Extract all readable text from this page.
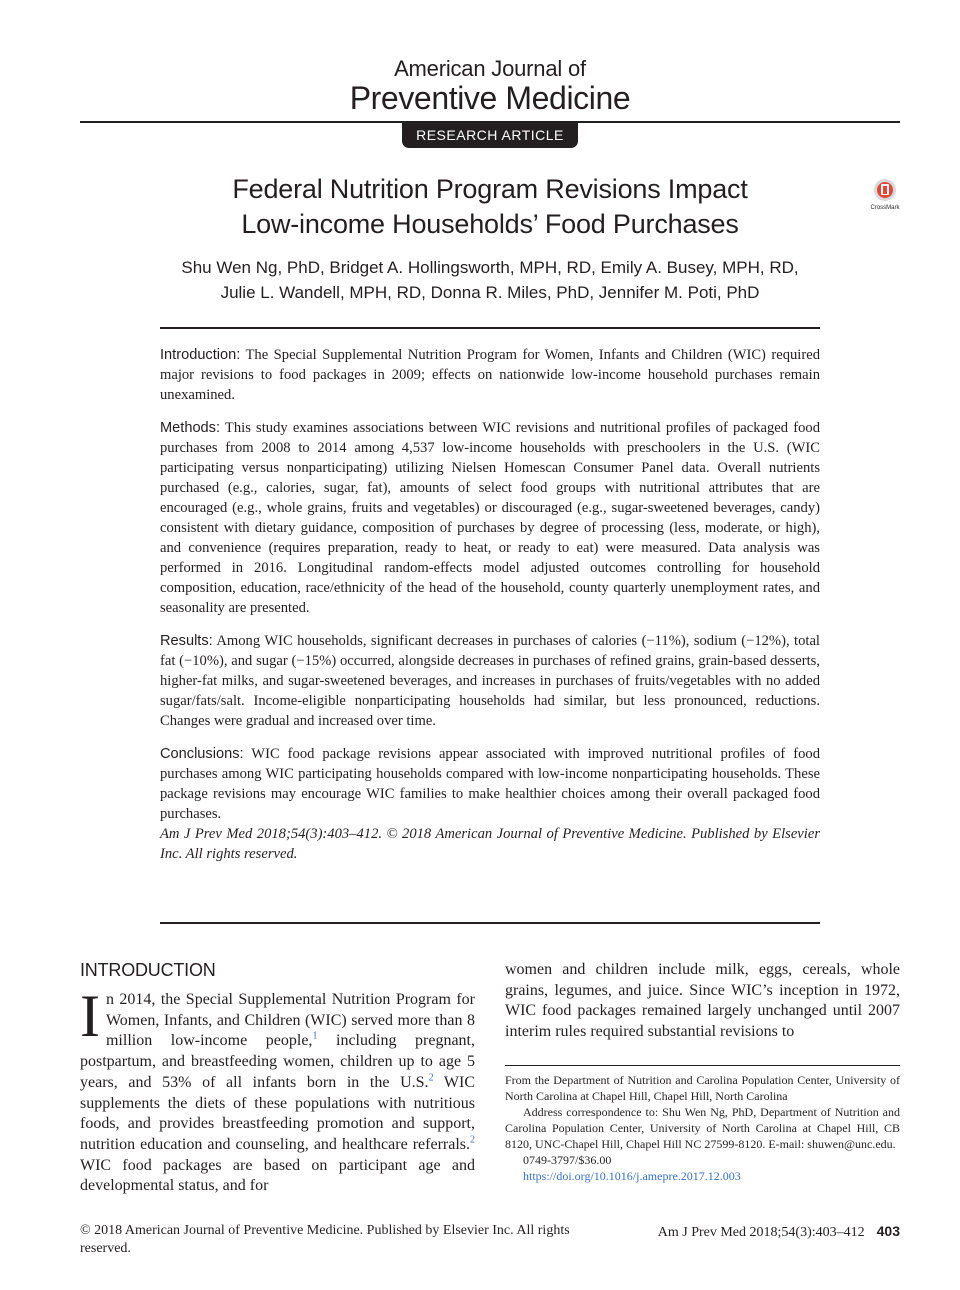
American Journal of
Preventive Medicine
RESEARCH ARTICLE
Federal Nutrition Program Revisions Impact
Low-income Households’ Food Purchases
CrossMark
Shu Wen Ng, PhD, Bridget A. Hollingsworth, MPH, RD, Emily A. Busey, MPH, RD,
Julie L. Wandell, MPH, RD, Donna R. Miles, PhD, Jennifer M. Poti, PhD

Introduction: The Special Supplemental Nutrition Program for Women, Infants and Children (WIC) required major revisions to food packages in 2009; effects on nationwide low-income household purchases remain unexamined.

Methods: This study examines associations between WIC revisions and nutritional profiles of packaged food purchases from 2008 to 2014 among 4,537 low-income households with preschoolers in the U.S. (WIC participating versus nonparticipating) utilizing Nielsen Homescan Consumer Panel data. Overall nutrients purchased (e.g., calories, sugar, fat), amounts of select food groups with nutritional attributes that are encouraged (e.g., whole grains, fruits and vegetables) or discouraged (e.g., sugar-sweetened beverages, candy) consistent with dietary guidance, composition of purchases by degree of processing (less, moderate, or high), and convenience (requires preparation, ready to heat, or ready to eat) were measured. Data analysis was performed in 2016. Longitudinal random-effects model adjusted outcomes controlling for household composition, education, race/ethnicity of the head of the household, county quarterly unemployment rates, and seasonality are presented.

Results: Among WIC households, significant decreases in purchases of calories (−11%), sodium (−12%), total fat (−10%), and sugar (−15%) occurred, alongside decreases in purchases of refined grains, grain-based desserts, higher-fat milks, and sugar-sweetened beverages, and increases in purchases of fruits/vegetables with no added sugar/fats/salt. Income-eligible nonparticipating households had similar, but less pronounced, reductions. Changes were gradual and increased over time.

Conclusions: WIC food package revisions appear associated with improved nutritional profiles of food purchases among WIC participating households compared with low-income nonparticipating households. These package revisions may encourage WIC families to make healthier choices among their overall packaged food purchases.

Am J Prev Med 2018;54(3):403–412. © 2018 American Journal of Preventive Medicine. Published by Elsevier Inc. All rights reserved.

INTRODUCTION

In 2014, the Special Supplemental Nutrition Program for Women, Infants, and Children (WIC) served more than 8 million low-income people,$^1$ including pregnant, postpartum, and breastfeeding women, children up to age 5 years, and 53% of all infants born in the U.S.$^2$ WIC supplements the diets of these populations with nutritious foods, and provides breastfeeding promotion and support, nutrition education and counseling, and healthcare referrals.$^2$ WIC food packages are based on participant age and developmental status, and for

women and children include milk, eggs, cereals, whole grains, legumes, and juice. Since WIC’s inception in 1972, WIC food packages remained largely unchanged until 2007 interim rules required substantial revisions to

From the Department of Nutrition and Carolina Population Center, University of North Carolina at Chapel Hill, Chapel Hill, North Carolina

Address correspondence to: Shu Wen Ng, PhD, Department of Nutrition and Carolina Population Center, University of North Carolina at Chapel Hill, CB 8120, UNC-Chapel Hill, Chapel Hill NC 27599-8120. E-mail: shuwen@unc.edu.

0749-3797/$36.00

https://doi.org/10.1016/j.amepre.2017.12.003

© 2018 American Journal of Preventive Medicine. Published by Elsevier Inc. All rights reserved.
Am J Prev Med 2018;54(3):403–412 403
